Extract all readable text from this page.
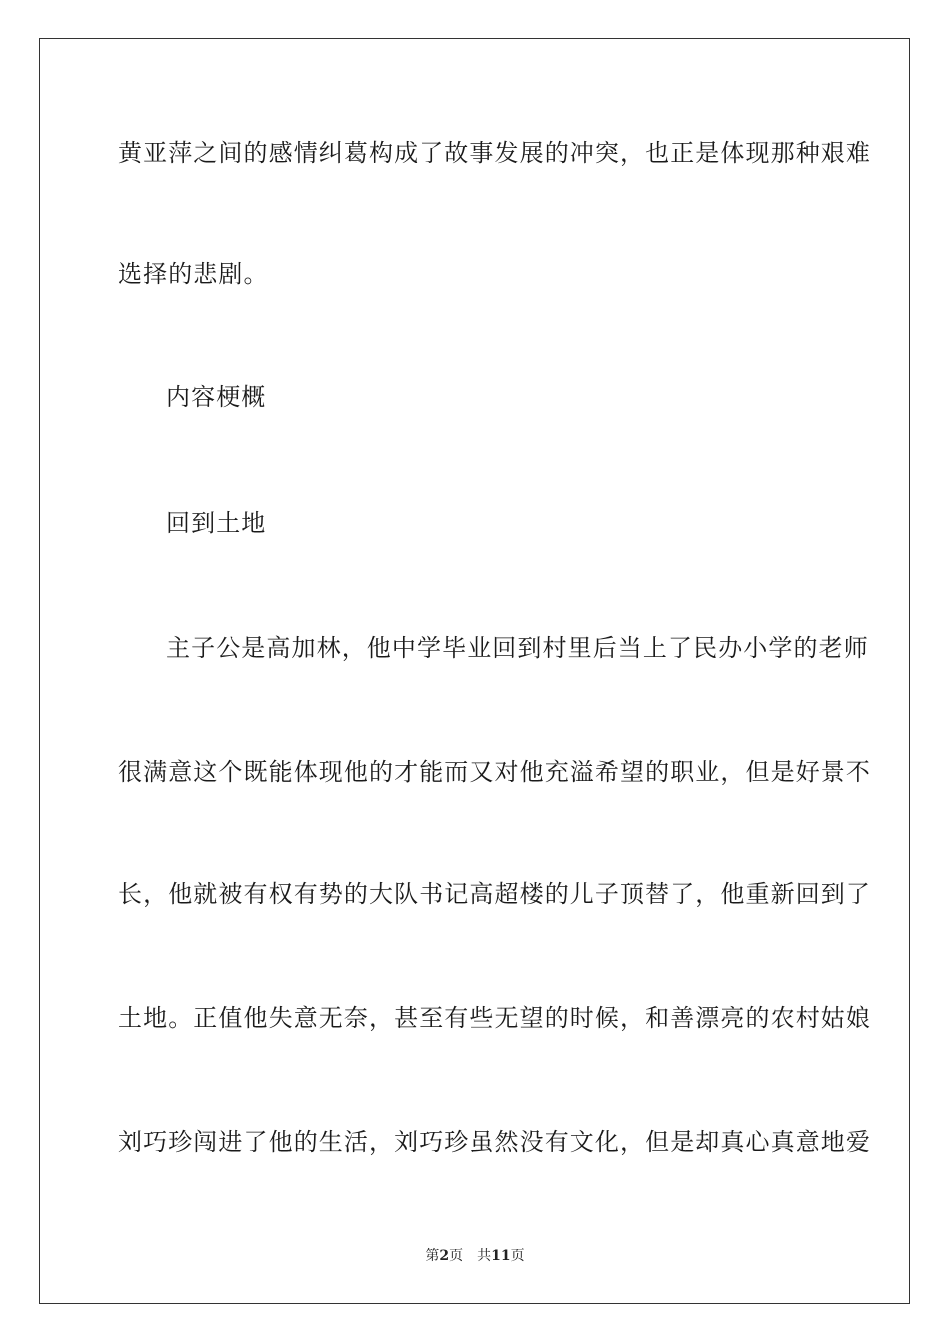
黄亚萍之间的感情纠葛构成了故事发展的冲突，也正是体现那种艰难
选择的悲剧。
内容梗概
回到土地
主子公是高加林，他中学毕业回到村里后当上了民办小学的老师
很满意这个既能体现他的才能而又对他充溢希望的职业，但是好景不
长，他就被有权有势的大队书记高超楼的儿子顶替了，他重新回到了
土地。正值他失意无奈，甚至有些无望的时候，和善漂亮的农村姑娘
刘巧珍闯进了他的生活，刘巧珍虽然没有文化，但是却真心真意地爱
第2页 共11页
